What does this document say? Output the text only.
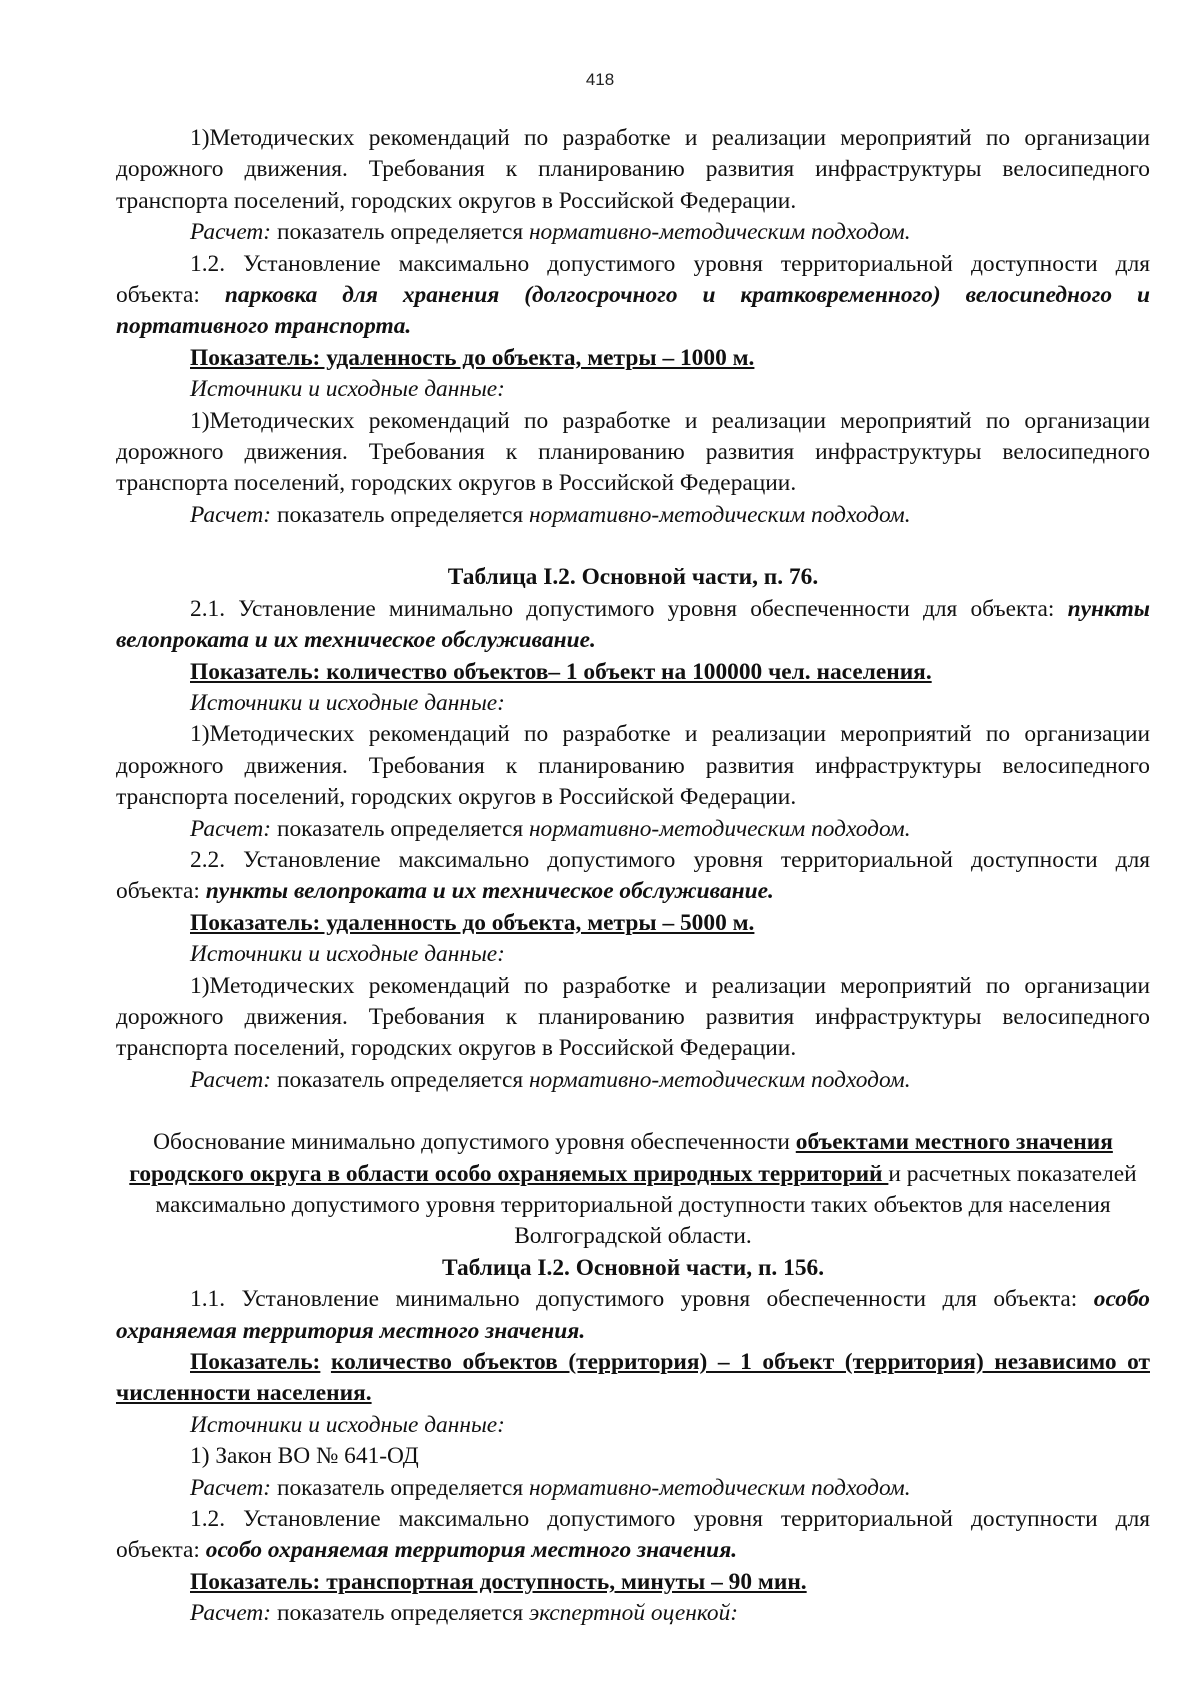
418

1)Методических рекомендаций по разработке и реализации мероприятий по организации дорожного движения. Требования к планированию развития инфраструктуры велосипедного транспорта поселений, городских округов в Российской Федерации.

Расчет: показатель определяется нормативно-методическим подходом.

1.2. Установление максимально допустимого уровня территориальной доступности для объекта: парковка для хранения (долгосрочного и кратковременного) велосипедного и портативного транспорта.

Показатель: удаленность до объекта, метры – 1000 м.

Источники и исходные данные:

1)Методических рекомендаций по разработке и реализации мероприятий по организации дорожного движения. Требования к планированию развития инфраструктуры велосипедного транспорта поселений, городских округов в Российской Федерации.

Расчет: показатель определяется нормативно-методическим подходом.

Таблица I.2. Основной части, п. 76.

2.1. Установление минимально допустимого уровня обеспеченности для объекта: пункты велопроката и их техническое обслуживание.

Показатель: количество объектов– 1 объект на 100000 чел. населения.

Источники и исходные данные:

1)Методических рекомендаций по разработке и реализации мероприятий по организации дорожного движения. Требования к планированию развития инфраструктуры велосипедного транспорта поселений, городских округов в Российской Федерации.

Расчет: показатель определяется нормативно-методическим подходом.

2.2. Установление максимально допустимого уровня территориальной доступности для объекта: пункты велопроката и их техническое обслуживание.

Показатель: удаленность до объекта, метры – 5000 м.

Источники и исходные данные:

1)Методических рекомендаций по разработке и реализации мероприятий по организации дорожного движения. Требования к планированию развития инфраструктуры велосипедного транспорта поселений, городских округов в Российской Федерации.

Расчет: показатель определяется нормативно-методическим подходом.

Обоснование минимально допустимого уровня обеспеченности объектами местного значения городского округа в области особо охраняемых природных территорий и расчетных показателей максимально допустимого уровня территориальной доступности таких объектов для населения Волгоградской области.

Таблица I.2. Основной части, п. 156.

1.1. Установление минимально допустимого уровня обеспеченности для объекта: особо охраняемая территория местного значения.

Показатель: количество объектов (территория) – 1 объект (территория) независимо от численности населения.

Источники и исходные данные:

1) Закон ВО № 641-ОД

Расчет: показатель определяется нормативно-методическим подходом.

1.2. Установление максимально допустимого уровня территориальной доступности для объекта: особо охраняемая территория местного значения.

Показатель: транспортная доступность, минуты – 90 мин.

Расчет: показатель определяется экспертной оценкой:
